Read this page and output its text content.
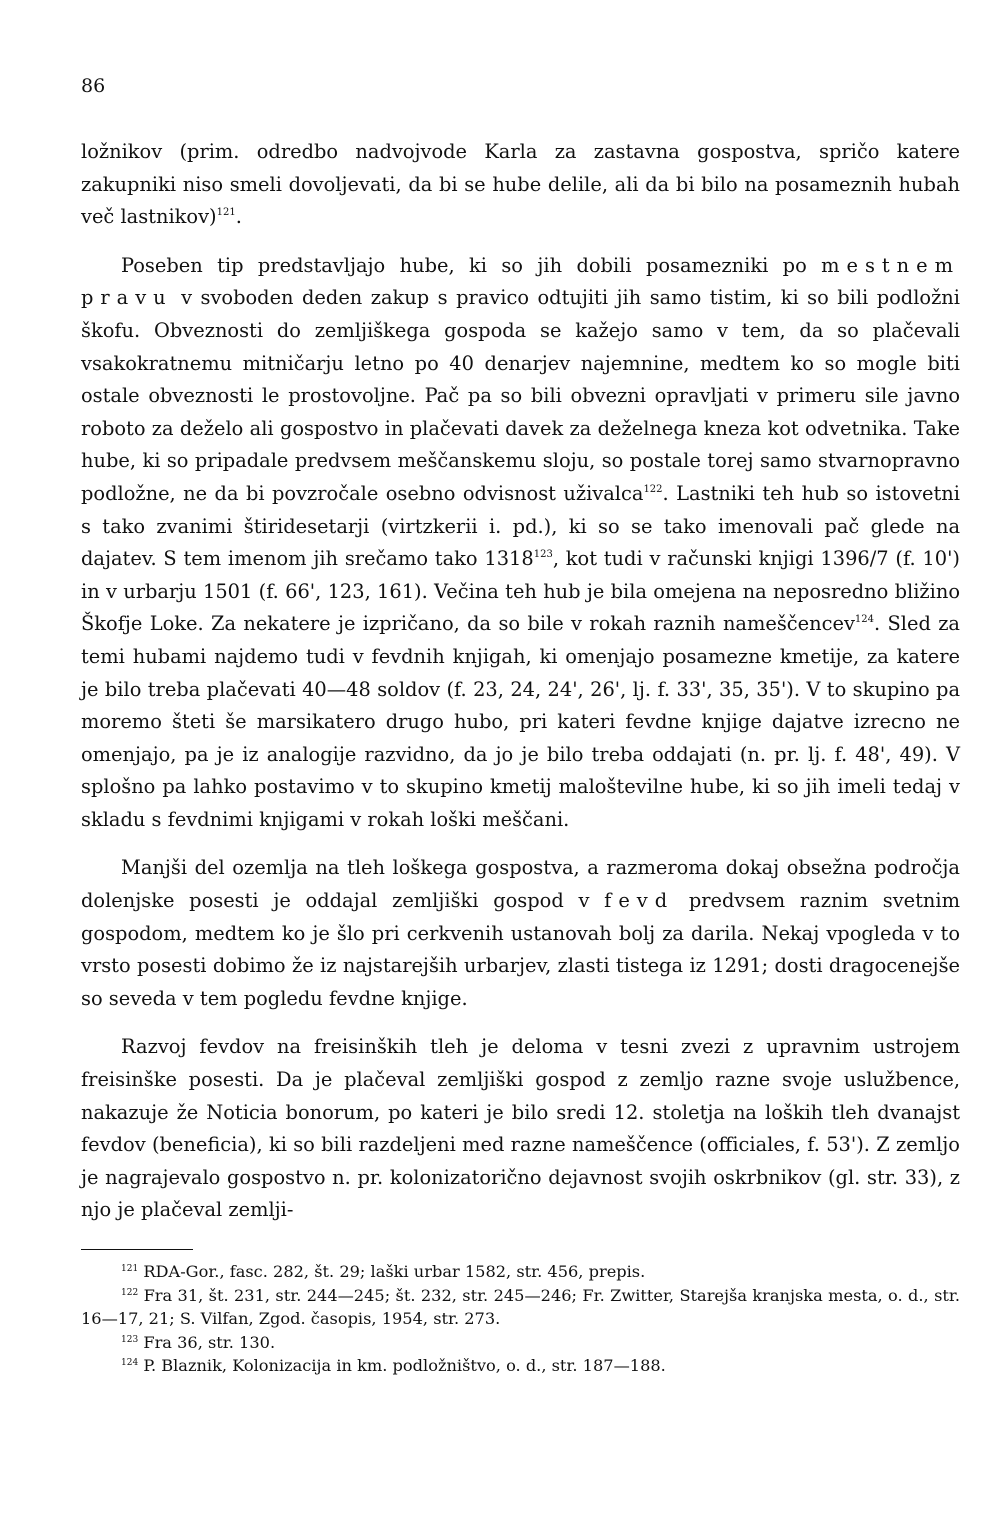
86

ložnikov (prim. odredbo nadvojvode Karla za zastavna gospostva, spričo katere zakupniki niso smeli dovoljevati, da bi se hube delile, ali da bi bilo na posameznih hubah več lastnikov)$^{121}$.

Poseben tip predstavljajo hube, ki so jih dobili posamezniki po mestnem pravu v svoboden deden zakup s pravico odtujiti jih samo tistim, ki so bili podložni škofu. Obveznosti do zemljiškega gospoda se kažejo samo v tem, da so plačevali vsakokratnemu mitničarju letno po 40 denarjev najemnine, medtem ko so mogle biti ostale obveznosti le prostovoljne. Pač pa so bili obvezni opravljati v primeru sile javno roboto za deželo ali gospostvo in plačevati davek za deželnega kneza kot odvetnika. Take hube, ki so pripadale predvsem meščanskemu sloju, so postale torej samo stvarnopravno podložne, ne da bi povzročale osebno odvisnost uživalca$^{122}$. Lastniki teh hub so istovetni s tako zvanimi štiridesetarji (virtzkerii i. pd.), ki so se tako imenovali pač glede na dajatev. S tem imenom jih srečamo tako 1318$^{123}$, kot tudi v računski knjigi 1396/7 (f. 10') in v urbarju 1501 (f. 66', 123, 161). Večina teh hub je bila omejena na neposredno bližino Škofje Loke. Za nekatere je izpričano, da so bile v rokah raznih nameščencev$^{124}$. Sled za temi hubami najdemo tudi v fevdnih knjigah, ki omenjajo posamezne kmetije, za katere je bilo treba plačevati 40—48 soldov (f. 23, 24, 24', 26', lj. f. 33', 35, 35'). V to skupino pa moremo šteti še marsikatero drugo hubo, pri kateri fevdne knjige dajatve izrecno ne omenjajo, pa je iz analogije razvidno, da jo je bilo treba oddajati (n. pr. lj. f. 48', 49). V splošno pa lahko postavimo v to skupino kmetij maloštevilne hube, ki so jih imeli tedaj v skladu s fevdnimi knjigami v rokah loški meščani.

Manjši del ozemlja na tleh loškega gospostva, a razmeroma dokaj obsežna področja dolenjske posesti je oddajal zemljiški gospod v fevd predvsem raznim svetnim gospodom, medtem ko je šlo pri cerkvenih ustanovah bolj za darila. Nekaj vpogleda v to vrsto posesti dobimo že iz najstarejših urbarjev, zlasti tistega iz 1291; dosti dragocenejše so seveda v tem pogledu fevdne knjige.

Razvoj fevdov na freisinških tleh je deloma v tesni zvezi z upravnim ustrojem freisinške posesti. Da je plačeval zemljiški gospod z zemljo razne svoje uslužbence, nakazuje že Noticia bonorum, po kateri je bilo sredi 12. stoletja na loških tleh dvanajst fevdov (beneficia), ki so bili razdeljeni med razne nameščence (officiales, f. 53'). Z zemljo je nagrajevalo gospostvo n. pr. kolonizatorično dejavnost svojih oskrbnikov (gl. str. 33), z njo je plačeval zemlji-

$^{121}$ RDA-Gor., fasc. 282, št. 29; laški urbar 1582, str. 456, prepis.

$^{122}$ Fra 31, št. 231, str. 244—245; št. 232, str. 245—246; Fr. Zwitter, Starejša kranjska mesta, o. d., str. 16—17, 21; S. Vilfan, Zgod. časopis, 1954, str. 273.

$^{123}$ Fra 36, str. 130.

$^{124}$ P. Blaznik, Kolonizacija in km. podložništvo, o. d., str. 187—188.
